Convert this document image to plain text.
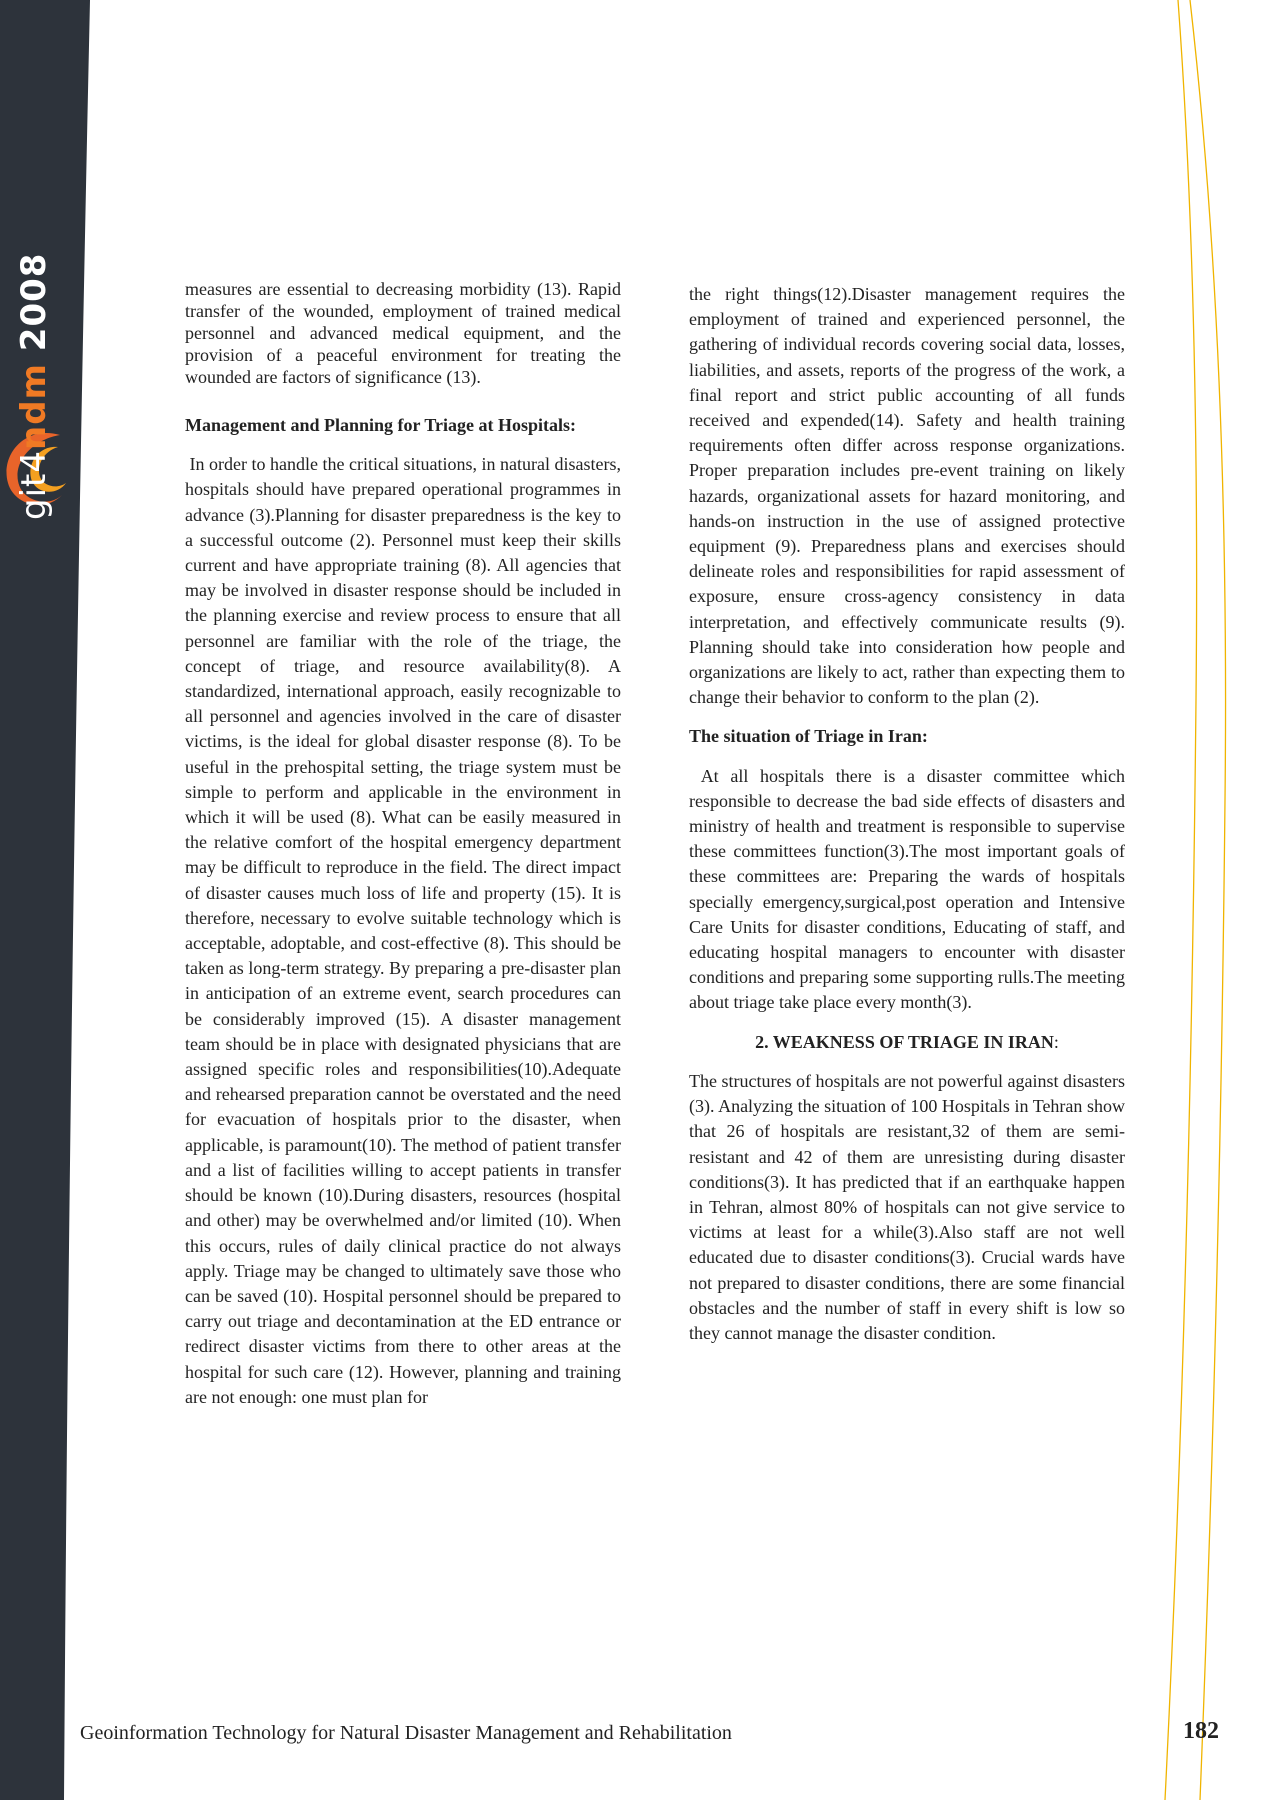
git4ndm 2008	measures are essential to decreasing morbidity (13). Rapid transfer of the wounded, employment of trained medical personnel and advanced medical equipment, and the provision of a peaceful environment for treating the wounded are factors of significance (13).

Management and Planning for Triage at Hospitals:

In order to handle the critical situations, in natural disasters, hospitals should have prepared operational programmes in advance (3).Planning for disaster preparedness is the key to a successful outcome (2). Personnel must keep their skills current and have appropriate training (8). All agencies that may be involved in disaster response should be included in the planning exercise and review process to ensure that all personnel are familiar with the role of the triage, the concept of triage, and resource availability(8). A standardized, international approach, easily recognizable to all personnel and agencies involved in the care of disaster victims, is the ideal for global disaster response (8). To be useful in the prehospital setting, the triage system must be simple to perform and applicable in the environment in which it will be used (8). What can be easily measured in the relative comfort of the hospital emergency department may be difficult to reproduce in the field. The direct impact of disaster causes much loss of life and property (15). It is therefore, necessary to evolve suitable technology which is acceptable, adoptable, and cost-effective (8). This should be taken as long-term strategy. By preparing a pre-disaster plan in anticipation of an extreme event, search procedures can be considerably improved (15). A disaster management team should be in place with designated physicians that are assigned specific roles and responsibilities(10).Adequate and rehearsed preparation cannot be overstated and the need for evacuation of hospitals prior to the disaster, when applicable, is paramount(10). The method of patient transfer and a list of facilities willing to accept patients in transfer should be known (10).During disasters, resources (hospital and other) may be overwhelmed and/or limited (10). When this occurs, rules of daily clinical practice do not always apply. Triage may be changed to ultimately save those who can be saved (10). Hospital personnel should be prepared to carry out triage and decontamination at the ED entrance or redirect disaster victims from there to other areas at the hospital for such care (12). However, planning and training are not enough: one must plan for

the right things(12).Disaster management requires the employment of trained and experienced personnel, the gathering of individual records covering social data, losses, liabilities, and assets, reports of the progress of the work, a final report and strict public accounting of all funds received and expended(14). Safety and health training requirements often differ across response organizations. Proper preparation includes pre-event training on likely hazards, organizational assets for hazard monitoring, and hands-on instruction in the use of assigned protective equipment (9). Preparedness plans and exercises should delineate roles and responsibilities for rapid assessment of exposure, ensure cross-agency consistency in data interpretation, and effectively communicate results (9). Planning should take into consideration how people and organizations are likely to act, rather than expecting them to change their behavior to conform to the plan (2).

The situation of Triage in Iran:

At all hospitals there is a disaster committee which responsible to decrease the bad side effects of disasters and ministry of health and treatment is responsible to supervise these committees function(3).The most important goals of these committees are: Preparing the wards of hospitals specially emergency,surgical,post operation and Intensive Care Units for disaster conditions, Educating of staff, and educating hospital managers to encounter with disaster conditions and preparing some supporting rulls.The meeting about triage take place every month(3).

2. WEAKNESS OF TRIAGE IN IRAN:

The structures of hospitals are not powerful against disasters (3). Analyzing the situation of 100 Hospitals in Tehran show that 26 of hospitals are resistant,32 of them are semi-resistant and 42 of them are unresisting during disaster conditions(3). It has predicted that if an earthquake happen in Tehran, almost 80% of hospitals can not give service to victims at least for a while(3).Also staff are not well educated due to disaster conditions(3). Crucial wards have not prepared to disaster conditions, there are some financial obstacles and the number of staff in every shift is low so they cannot manage the disaster condition.

Geoinformation Technology for Natural Disaster Management and Rehabilitation	182
